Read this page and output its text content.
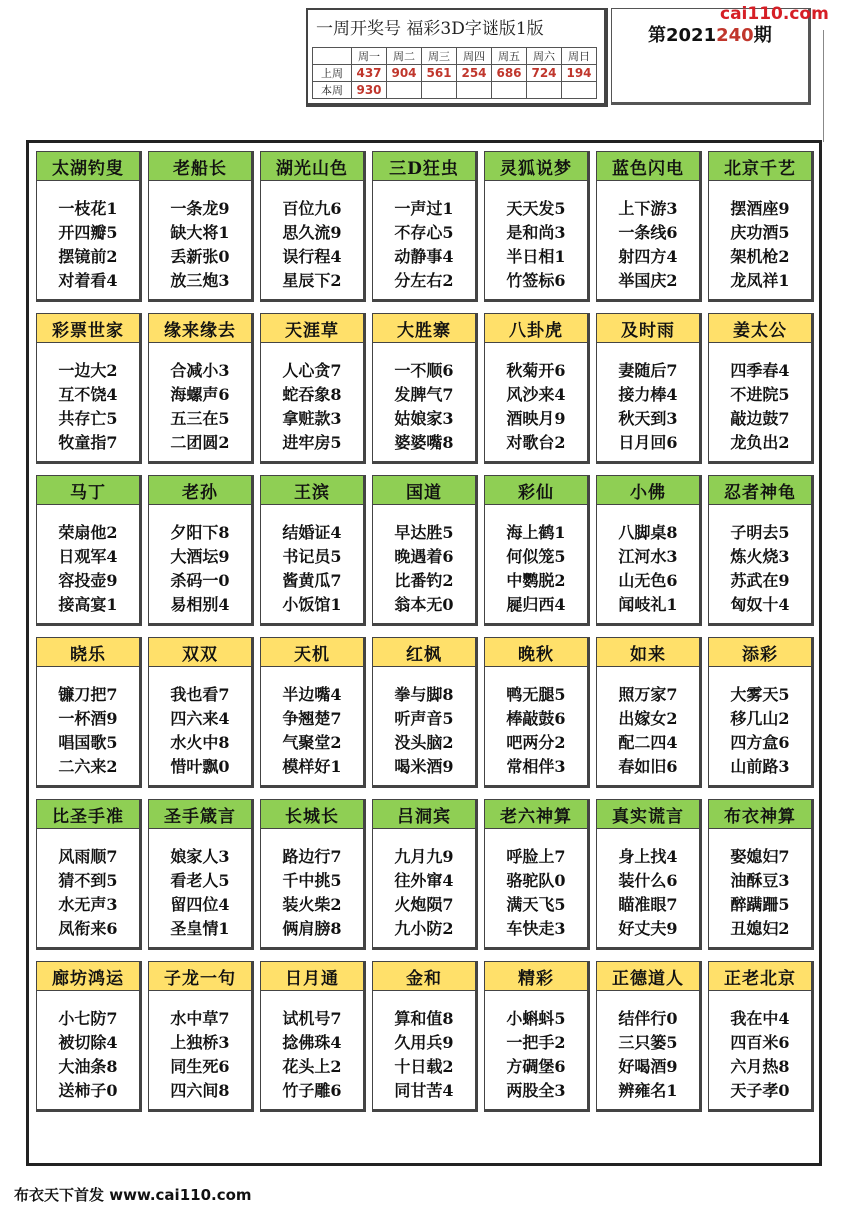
一周开奖号 福彩3D字谜版1版
	周一	周二	周三	周四	周五	周六	周日
上周	437	904	561	254	686	724	194
本周	930						
第2021240期
cai110.com
太湖钓叟
一枝花1
开四瓣5
摆镜前2
对着看4
老船长
一条龙9
缺大将1
丢新张0
放三炮3
湖光山色
百位九6
思久流9
误行程4
星辰下2
三D狂虫
一声过1
不存心5
动静事4
分左右2
灵狐说梦
天天发5
是和尚3
半日相1
竹签标6
蓝色闪电
上下游3
一条线6
射四方4
举国庆2
北京千艺
摆酒座9
庆功酒5
架机枪2
龙凤祥1
彩票世家
一边大2
互不饶4
共存亡5
牧童指7
缘来缘去
合减小3
海螺声6
五三在5
二团圆2
天涯草
人心贪7
蛇吞象8
拿赃款3
进牢房5
大胜寨
一不顺6
发脾气7
姑娘家3
婆婆嘴8
八卦虎
秋菊开6
风沙来4
酒映月9
对歌台2
及时雨
妻随后7
接力棒4
秋天到3
日月回6
姜太公
四季春4
不进院5
敲边鼓7
龙负出2
马丁
荣扇他2
日观军4
容投壶9
接高宴1
老孙
夕阳下8
大酒坛9
杀码一0
易相别4
王滨
结婚证4
书记员5
酱黄瓜7
小饭馆1
国道
早达胜5
晚遇着6
比番钓2
翁本无0
彩仙
海上鹤1
何似笼5
中鹦脱2
屣归西4
小佛
八脚桌8
江河水3
山无色6
闻岐礼1
忍者神龟
子明去5
炼火烧3
苏武在9
匈奴十4
晓乐
镰刀把7
一杯酒9
唱国歌5
二六来2
双双
我也看7
四六来4
水火中8
惜叶飘0
天机
半边嘴4
争翘楚7
气聚堂2
模样好1
红枫
拳与脚8
听声音5
没头脑2
喝米酒9
晚秋
鸭无腿5
棒敲鼓6
吧两分2
常相伴3
如来
照万家7
出嫁女2
配二四4
春如旧6
添彩
大雾天5
移几山2
四方盒6
山前路3
比圣手准
风雨顺7
猜不到5
水无声3
凤衔来6
圣手箴言
娘家人3
看老人5
留四位4
圣皇情1
长城长
路边行7
千中挑5
装火柴2
俩肩膀8
吕洞宾
九月九9
往外窜4
火炮陨7
九小防2
老六神算
呼脸上7
骆驼队0
满天飞5
车快走3
真实谎言
身上找4
装什么6
瞄准眼7
好丈夫9
布衣神算
娶媳妇7
油酥豆3
醉蹒跚5
丑媳妇2
廊坊鸿运
小七防7
被切除4
大油条8
送柿子0
子龙一句
水中草7
上独桥3
同生死6
四六间8
日月通
试机号7
捻佛珠4
花头上2
竹子雕6
金和
算和值8
久用兵9
十日载2
同甘苦4
精彩
小蝌蚪5
一把手2
方碉堡6
两股全3
正德道人
结伴行0
三只篓5
好喝酒9
辨雍名1
正老北京
我在中4
四百米6
六月热8
天子孝0
布衣天下首发 www.cai110.com
